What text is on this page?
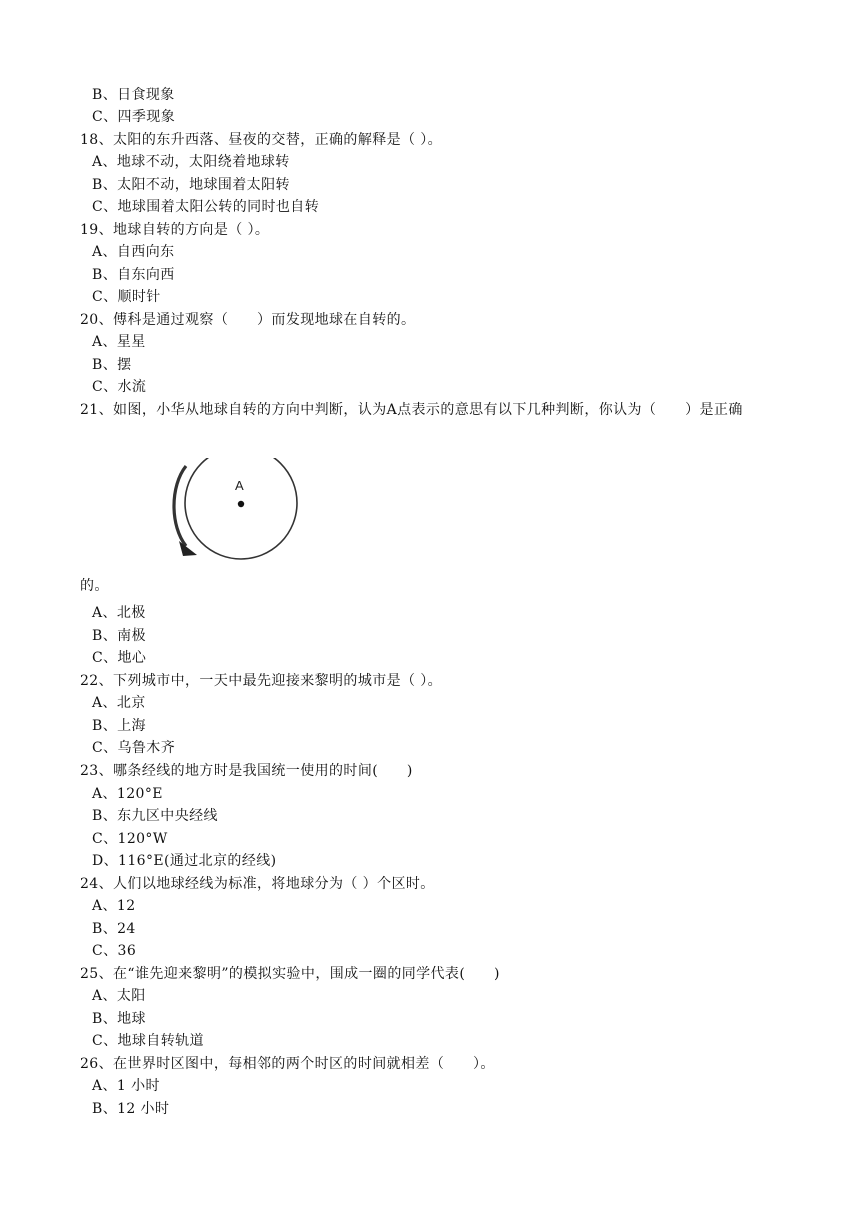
B、日食现象
C、四季现象
18、太阳的东升西落、昼夜的交替，正确的解释是（ ）。
A、地球不动，太阳绕着地球转
B、太阳不动，地球围着太阳转
C、地球围着太阳公转的同时也自转
19、地球自转的方向是（ ）。
A、自西向东
B、自东向西
C、顺时针
20、傅科是通过观察（　　）而发现地球在自转的。
A、星星
B、摆
C、水流
21、如图，小华从地球自转的方向中判断，认为A点表示的意思有以下几种判断，你认为（　　）是正确
A
的。
A、北极
B、南极
C、地心
22、下列城市中，一天中最先迎接来黎明的城市是（ ）。
A、北京
B、上海
C、乌鲁木齐
23、哪条经线的地方时是我国统一使用的时间(　　)
A、120°E
B、东九区中央经线
C、120°W
D、116°E(通过北京的经线)
24、人们以地球经线为标准，将地球分为（ ）个区时。
A、12
B、24
C、36
25、在“谁先迎来黎明”的模拟实验中，围成一圈的同学代表(　　)
A、太阳
B、地球
C、地球自转轨道
26、在世界时区图中，每相邻的两个时区的时间就相差（　　）。
A、1 小时
B、12 小时
